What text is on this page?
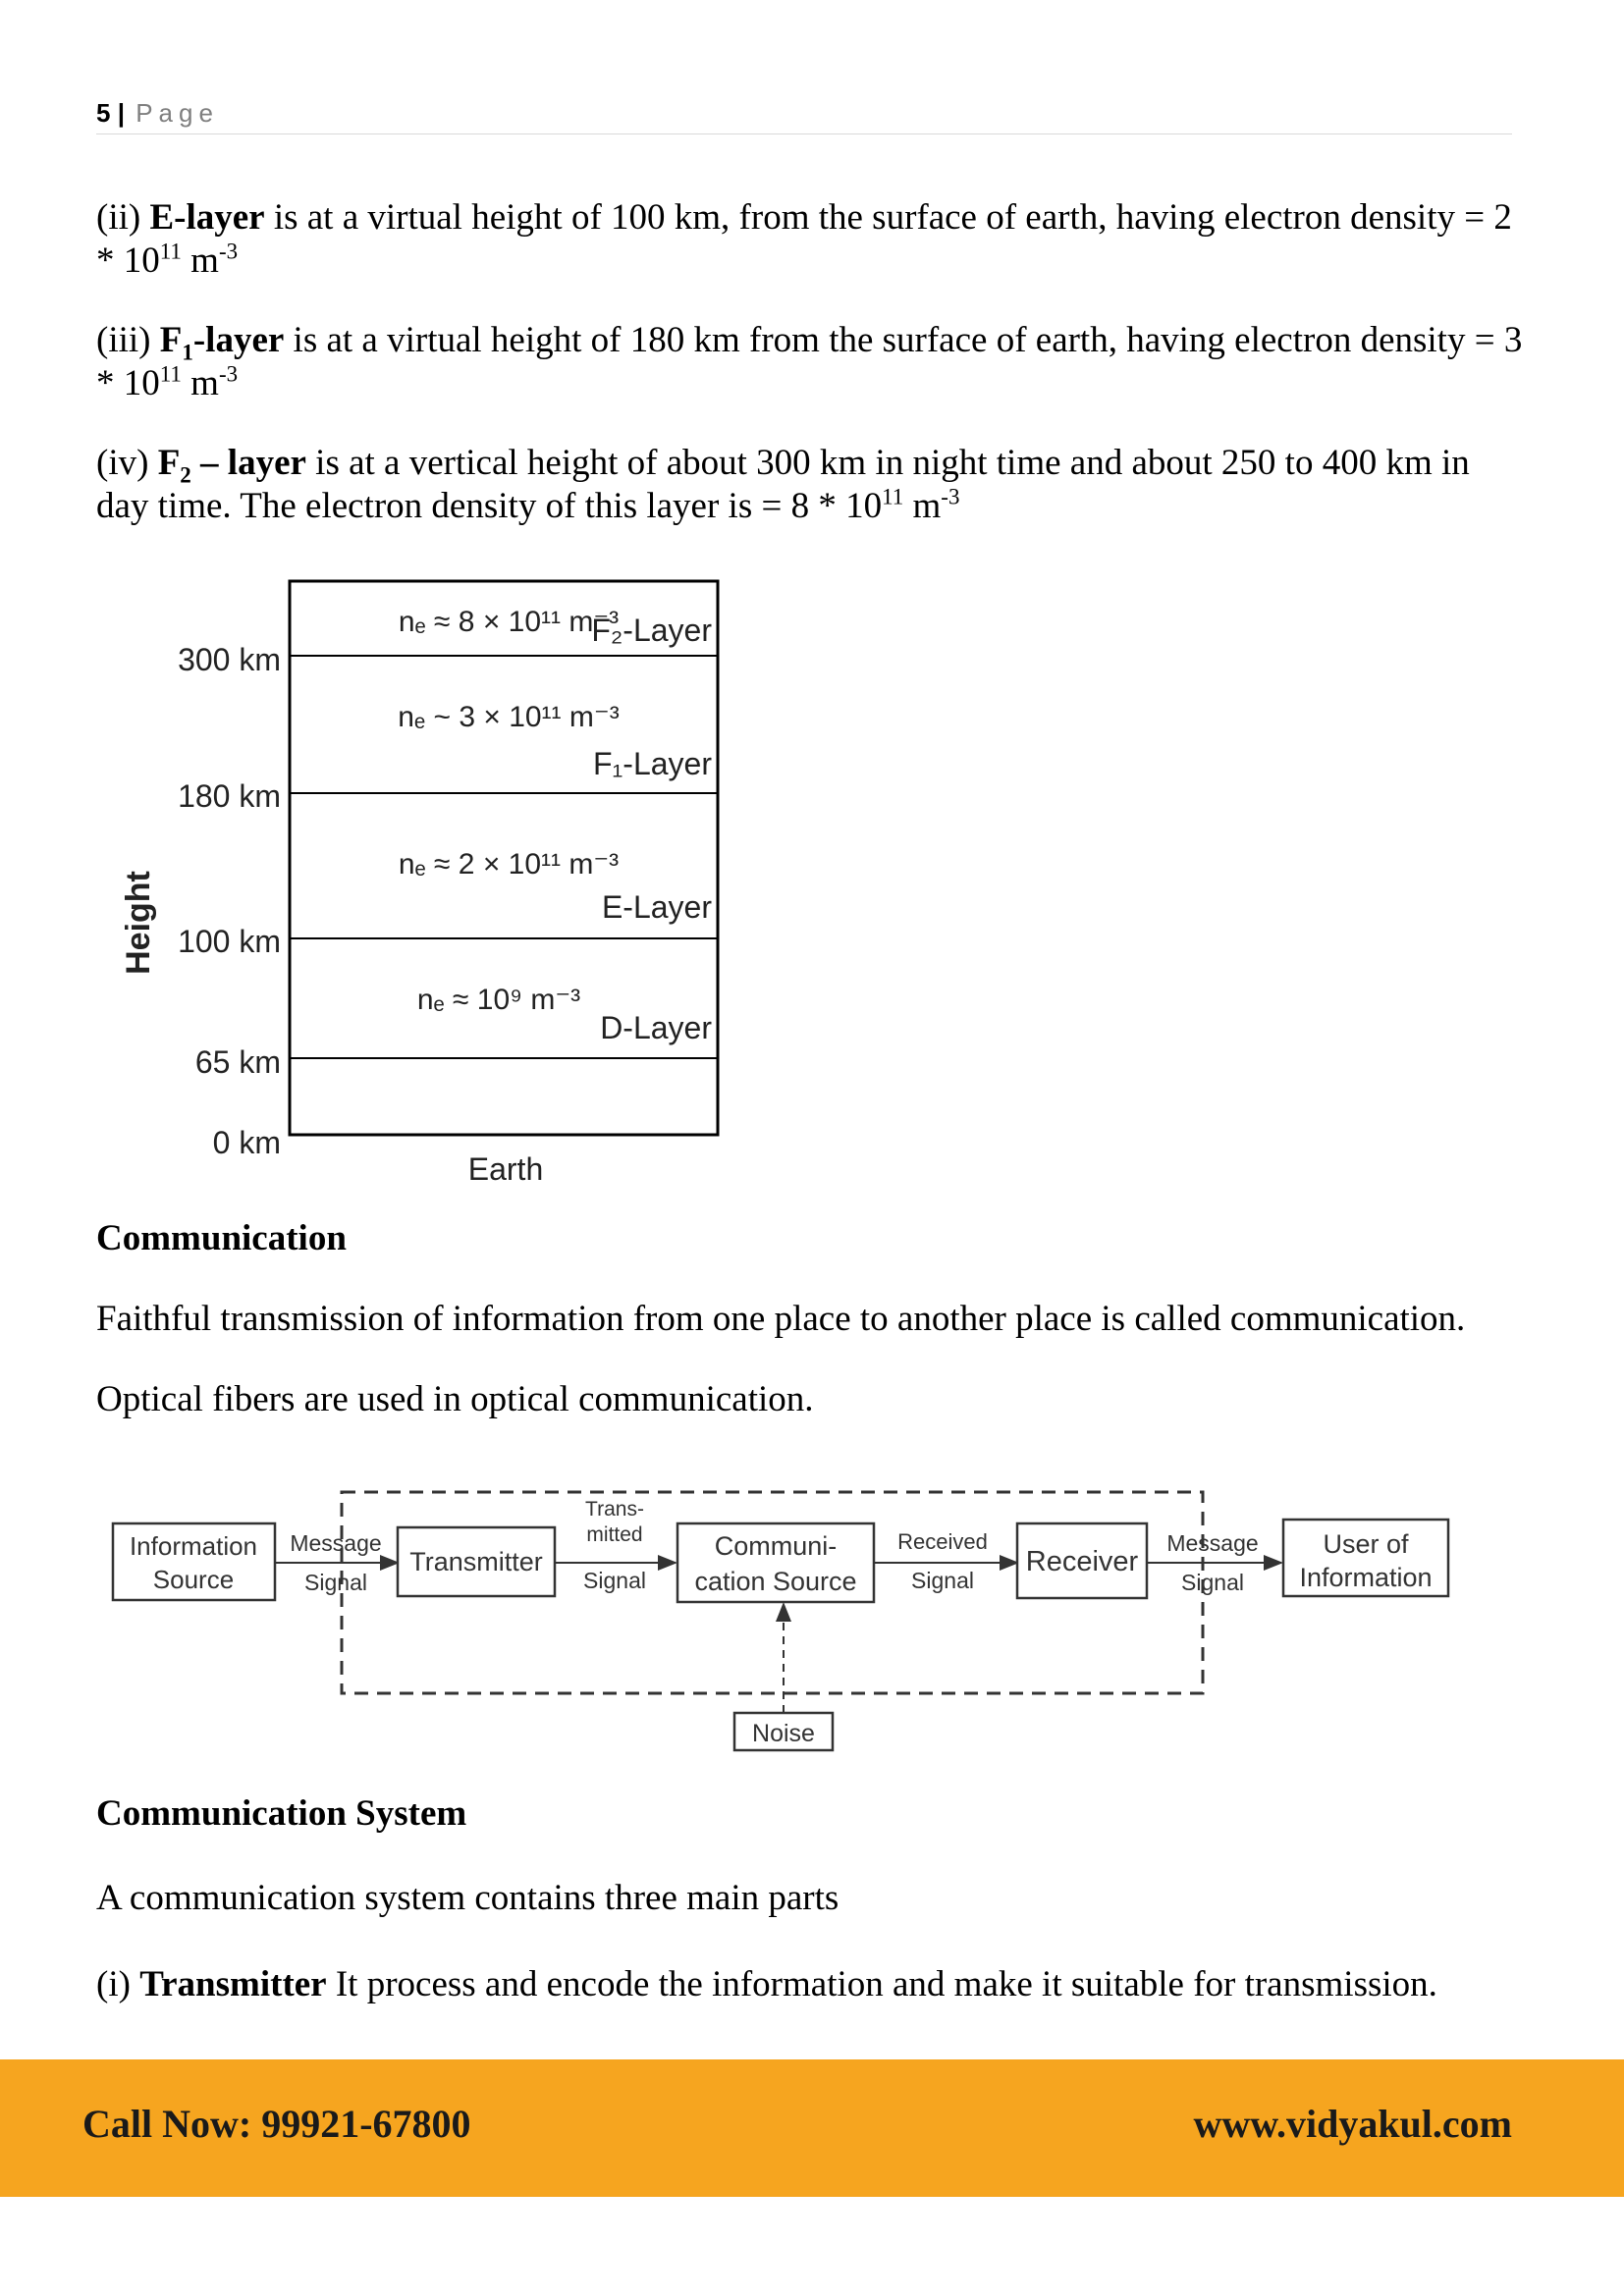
5 | Page

(ii) E-layer is at a virtual height of 100 km, from the surface of earth, having electron density = $2 * 10^{11}$ $m^{-3}$

(iii) $F_1$-layer is at a virtual height of 180 km from the surface of earth, having electron density = $3 * 10^{11}$ $m^{-3}$

(iv) $F_2$ – layer is at a vertical height of about 300 km in night time and about 250 to 400 km in day time. The electron density of this layer is = $8 * 10^{11}$ $m^{-3}$

Height
300 km
180 km
100 km
65 km
0 km
Earth
F₂-Layer
nₑ ≈ 8 × 10¹¹ m⁻³
F₁-Layer
nₑ ~ 3 × 10¹¹ m⁻³
E-Layer
nₑ ≈ 2 × 10¹¹ m⁻³
D-Layer
nₑ ≈ 10⁹ m⁻³

Communication

Faithful transmission of information from one place to another place is called communication.

Optical fibers are used in optical communication.

Information
Source
Message
Signal
Transmitter
Trans-
mitted
Signal
Communi-
cation Source
Received
Signal
Receiver
Message
Signal
User of
Information
Noise

Communication System

A communication system contains three main parts

(i) Transmitter It process and encode the information and make it suitable for transmission.

Call Now: 99921-67800	www.vidyakul.com
